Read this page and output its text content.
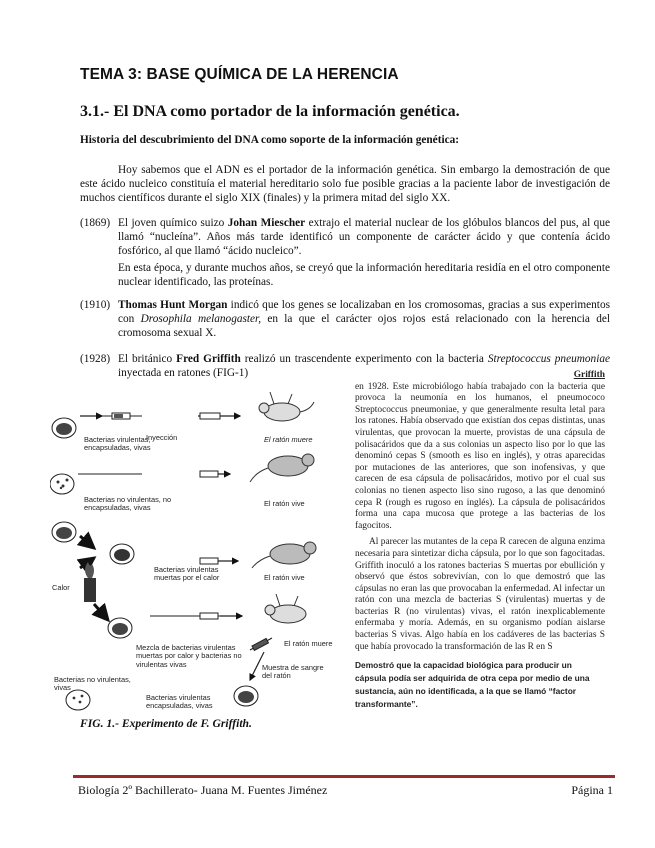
TEMA 3: BASE QUÍMICA DE LA HERENCIA
3.1.- El DNA como portador de la información genética.
Historia del descubrimiento del DNA como soporte de la información genética:
Hoy sabemos que el ADN es el portador de la información genética. Sin embargo la demostración de que este ácido nucleico constituía el material hereditario solo fue posible gracias a la paciente labor de investigación de muchos científicos durante el siglo XIX (finales) y la primera mitad del siglo XX.
(1869) El joven químico suizo Johan Miescher extrajo el material nuclear de los glóbulos blancos del pus, al que llamó “nucleína”. Años más tarde identificó un componente de carácter ácido y que contenía ácido fosfórico, al que llamó “ácido nucleico”.

En esta época, y durante muchos años, se creyó que la información hereditaria residía en el otro componente nuclear identificado, las proteínas.

(1910) Thomas Hunt Morgan indicó que los genes se localizaban en los cromosomas, gracias a sus experimentos con Drosophila melanogaster, en la que el carácter ojos rojos está relacionado con la herencia del cromosoma sexual X.

(1928) El británico Fred Griffith realizó un trascendente experimento con la bacteria Streptococcus pneumoniae inyectada en ratones (FIG-1)

Bacterias virulentas, encapsuladas, vivas
Inyección	El ratón muere
Bacterias no virulentas, no encapsuladas, vivas	El ratón vive
Calor
Bacterias virulentas muertas por el calor	El ratón vive
El ratón muere
Mezcla de bacterias virulentas muertas por calor y bacterias no virulentas vivas	Muestra de sangre del ratón
Bacterias no virulentas, vivas
Bacterias virulentas encapsuladas, vivas
FIG. 1.- Experimento de F. Griffith.
Griffith

en 1928. Este microbiólogo había trabajado con la bacteria que provoca la neumonía en los humanos, el pneumococo Streptococcus pneumoniae, y que generalmente resulta letal para los ratones. Había observado que existían dos cepas distintas, unas virulentas, que provocan la muerte, provistas de una cápsula de polisacáridos que da a sus colonias un aspecto liso por lo que las denominó cepas S (smooth es liso en inglés), y otras aparecidas por mutaciones de las anteriores, que son inofensivas, y que carecen de esa cápsula de polisacáridos, motivo por el cual sus colonias no tienen aspecto liso sino rugoso, a las que denominó cepa R (rough es rugoso en inglés). La cápsula de polisacáridos forma una capa mucosa que protege a las bacterias de los fagocitos.

Al parecer las mutantes de la cepa R carecen de alguna enzima necesaria para sintetizar dicha cápsula, por lo que son fagocitadas. Griffith inoculó a los ratones bacterias S muertas por ebullición y observó que éstos sobrevivían, con lo que demostró que las cápsulas no eran las que provocaban la enfermedad. Al infectar un ratón con una mezcla de bacterias S (virulentas) muertas y de bacterias R (no virulentas) vivas, el ratón inexplicablemente enfermaba y moría. Además, en su organismo podían aislarse bacterias S vivas. Algo había en los cadáveres de las bacterias S que había provocado la transformación de las R en S

Demostró que la capacidad biológica para producir un cápsula podía ser adquirida de otra cepa por medio de una sustancia, aún no identificada, a la que se llamó “factor transformante”.

Biología 2º Bachillerato- Juana M. Fuentes Jiménez	Página 1
